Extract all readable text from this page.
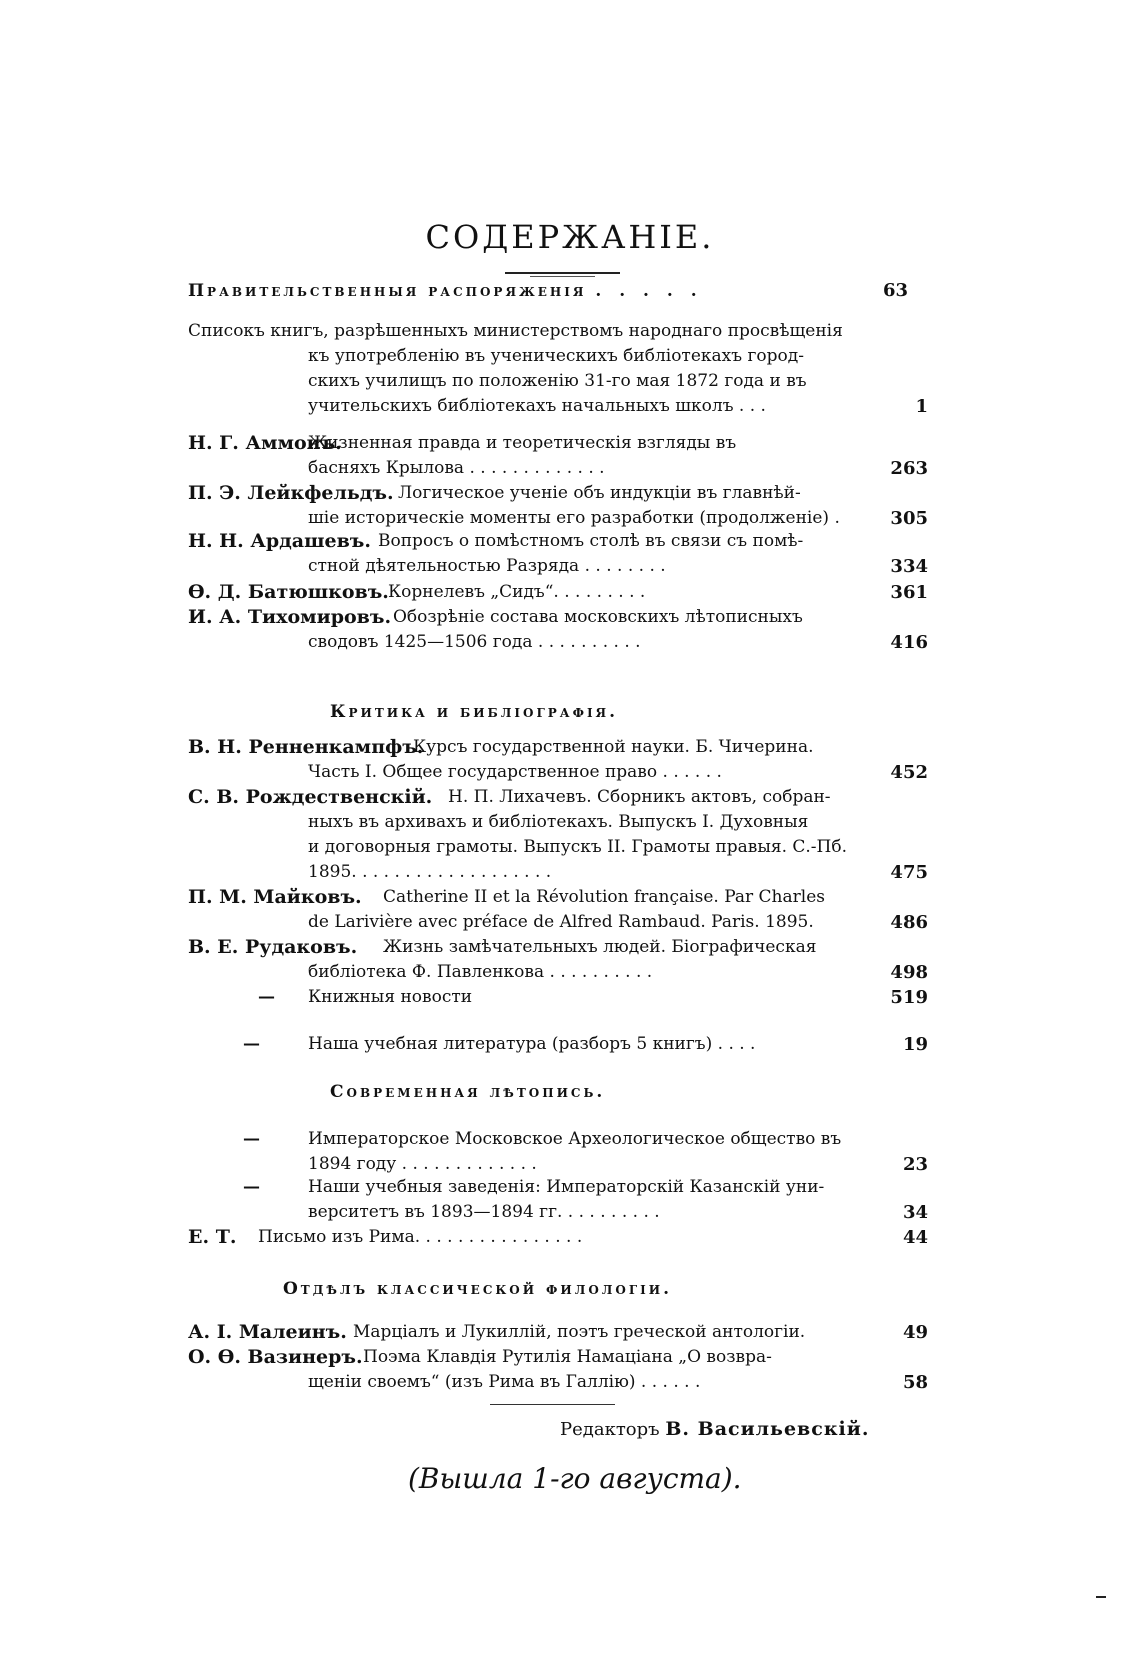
СОДЕРЖАНІЕ.
Правительственныя распоряженія . . . . .	63
Списокъ книгъ, разрѣшенныхъ министерствомъ народнаго просвѣщенія
къ употребленію въ ученическихъ библіотекахъ город-
скихъ училищъ по положенію 31-го мая 1872 года и въ
учительскихъ библіотекахъ начальныхъ школъ . . .	1
Н. Г. Аммонъ.
Жизненная правда и теоретическія взгляды въ
басняхъ Крылова . . . . . . . . . . . . .	263
П. Э. Лейкфельдъ. Логическое ученіе объ индукціи въ главнѣй-
шіе историческіе моменты его разработки (продолженіе) .	305
Н. Н. Ардашевъ. Вопросъ о помѣстномъ столѣ въ связи съ помѣ-
стной дѣятельностью Разряда . . . . . . . .	334
Ө. Д. Батюшковъ. Корнелевъ „Сидъ“. . . . . . . . .	361
И. А. Тихомировъ. Обозрѣніе состава московскихъ лѣтописныхъ
сводовъ 1425—1506 года . . . . . . . . . .	416
Критика и библіографія.
В. Н. Ренненкампфъ.
Курсъ государственной науки. Б. Чичерина.
Часть I. Общее государственное право . . . . . .	452
С. В. Рождественскій. Н. П. Лихачевъ. Сборникъ актовъ, собран-
ныхъ въ архивахъ и библіотекахъ. Выпускъ I. Духовныя
и договорныя грамоты. Выпускъ II. Грамоты правыя. С.-Пб.
1895. . . . . . . . . . . . . . . . . . .	475
П. М. Майковъ. Catherine II et la Révolution française. Par Charles
de Larivière avec préface de Alfred Rambaud. Paris. 1895.	486
В. Е. Рудаковъ. Жизнь замѣчательныхъ людей. Біографическая
библіотека Ф. Павленкова . . . . . . . . . .	498
— Книжныя новости	519
—	Наша учебная литература (разборъ 5 книгъ) . . . .	19
Современная лѣтопись.
—	Императорское Московское Археологическое общество въ
1894 году . . . . . . . . . . . . .	23
—	Наши учебныя заведенія: Императорскій Казанскій уни-
верситетъ въ 1893—1894 гг. . . . . . . . . .	34
Е. Т. Письмо изъ Рима. . . . . . . . . . . . . . . .	44
Отдѣлъ классической филологіи.
А. I. Малеинъ. Марціалъ и Лукиллій, поэтъ греческой антологіи.	49
О. Ө. Вазинеръ. Поэма Клавдія Рутилія Намаціана „О возвра-
щеніи своемъ“ (изъ Рима въ Галлію) . . . . . .	58
Редакторъ В. Васильевскій.
(Вышла 1-го августа).
